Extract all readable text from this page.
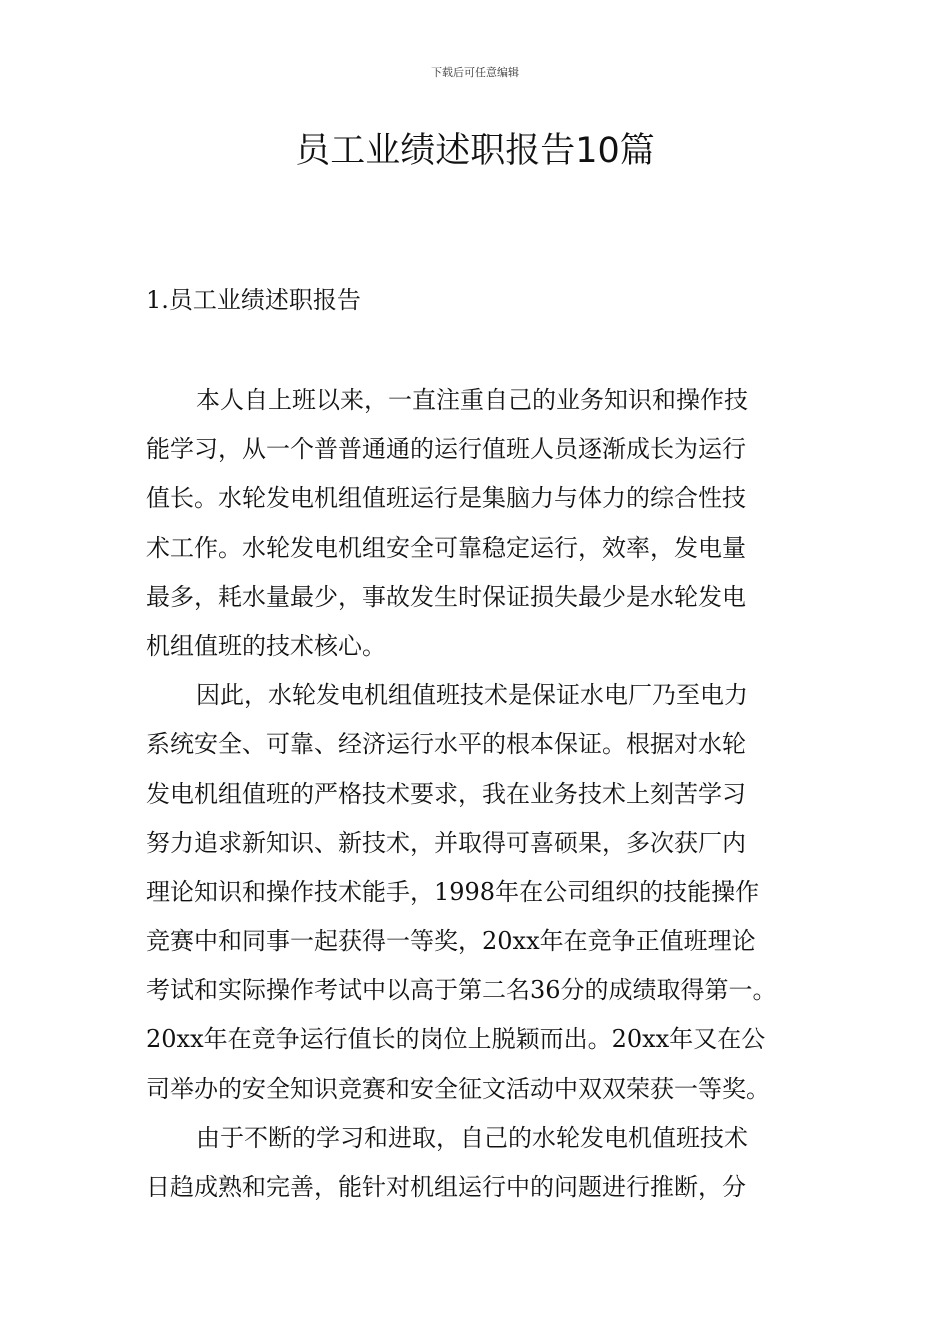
下载后可任意编辑
员工业绩述职报告10篇
1.员工业绩述职报告
本人自上班以来，一直注重自己的业务知识和操作技
能学习，从一个普普通通的运行值班人员逐渐成长为运行
值长。水轮发电机组值班运行是集脑力与体力的综合性技
术工作。水轮发电机组安全可靠稳定运行，效率，发电量
最多，耗水量最少，事故发生时保证损失最少是水轮发电
机组值班的技术核心。
因此，水轮发电机组值班技术是保证水电厂乃至电力
系统安全、可靠、经济运行水平的根本保证。根据对水轮
发电机组值班的严格技术要求，我在业务技术上刻苦学习
努力追求新知识、新技术，并取得可喜硕果，多次获厂内
理论知识和操作技术能手，1998年在公司组织的技能操作
竞赛中和同事一起获得一等奖，20xx年在竞争正值班理论
考试和实际操作考试中以高于第二名36分的成绩取得第一。
20xx年在竞争运行值长的岗位上脱颖而出。20xx年又在公
司举办的安全知识竞赛和安全征文活动中双双荣获一等奖。
由于不断的学习和进取，自己的水轮发电机值班技术
日趋成熟和完善，能针对机组运行中的问题进行推断，分
